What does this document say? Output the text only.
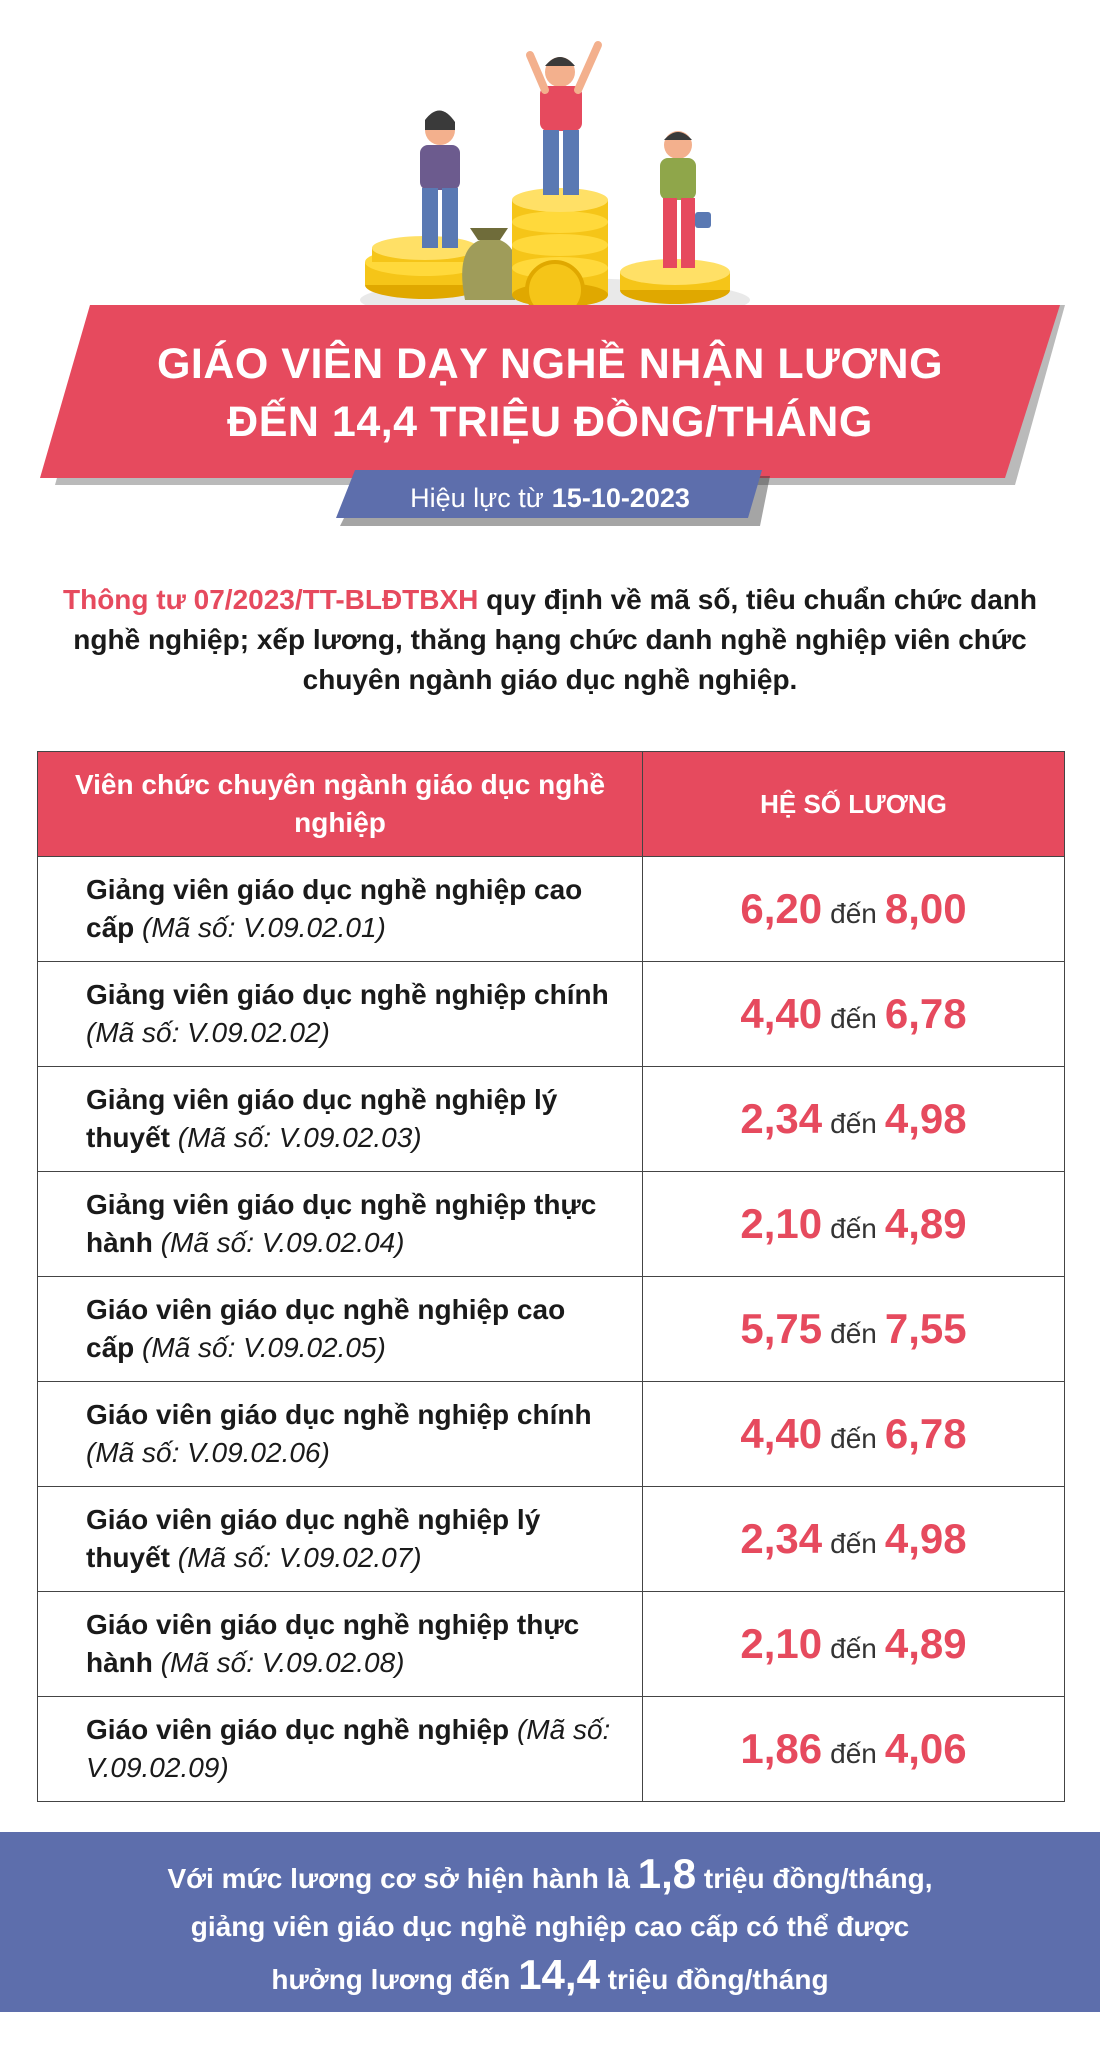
GIÁO VIÊN DẠY NGHỀ NHẬN LƯƠNG
ĐẾN 14,4 TRIỆU ĐỒNG/THÁNG
Hiệu lực từ 15-10-2023

Thông tư 07/2023/TT-BLĐTBXH quy định về mã số, tiêu chuẩn chức danh nghề nghiệp; xếp lương, thăng hạng chức danh nghề nghiệp viên chức chuyên ngành giáo dục nghề nghiệp.

Viên chức chuyên ngành giáo dục nghề nghiệp	HỆ SỐ LƯƠNG
Giảng viên giáo dục nghề nghiệp cao cấp (Mã số: V.09.02.01)	6,20 đến 8,00
Giảng viên giáo dục nghề nghiệp chính (Mã số: V.09.02.02)	4,40 đến 6,78
Giảng viên giáo dục nghề nghiệp lý thuyết (Mã số: V.09.02.03)	2,34 đến 4,98
Giảng viên giáo dục nghề nghiệp thực hành (Mã số: V.09.02.04)	2,10 đến 4,89
Giáo viên giáo dục nghề nghiệp cao cấp (Mã số: V.09.02.05)	5,75 đến 7,55
Giáo viên giáo dục nghề nghiệp chính (Mã số: V.09.02.06)	4,40 đến 6,78
Giáo viên giáo dục nghề nghiệp lý thuyết (Mã số: V.09.02.07)	2,34 đến 4,98
Giáo viên giáo dục nghề nghiệp thực hành (Mã số: V.09.02.08)	2,10 đến 4,89
Giáo viên giáo dục nghề nghiệp (Mã số: V.09.02.09)	1,86 đến 4,06
Với mức lương cơ sở hiện hành là 1,8 triệu đồng/tháng,
giảng viên giáo dục nghề nghiệp cao cấp có thể được
hưởng lương đến 14,4 triệu đồng/tháng
